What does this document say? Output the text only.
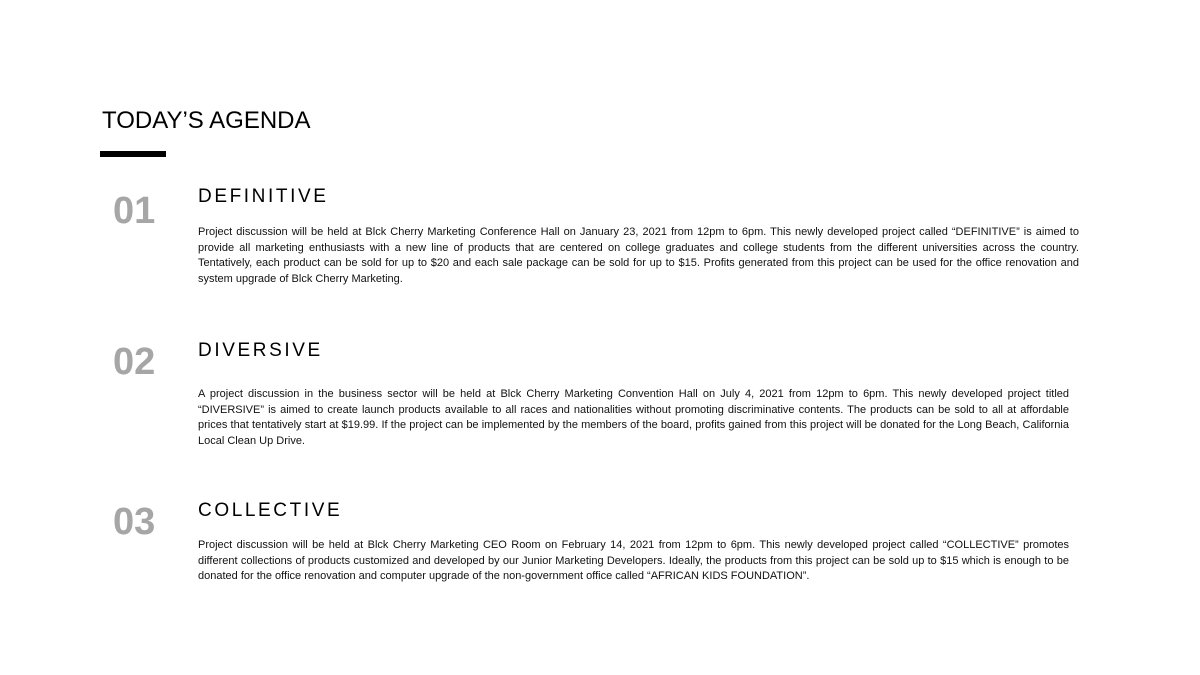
TODAY’S AGENDA
01 DEFINITIVE

Project discussion will be held at Blck Cherry Marketing Conference Hall on January 23, 2021 from 12pm to 6pm. This newly developed project called “DEFINITIVE” is aimed to provide all marketing enthusiasts with a new line of products that are centered on college graduates and college students from the different universities across the country. Tentatively, each product can be sold for up to $20 and each sale package can be sold for up to $15. Profits generated from this project can be used for the office renovation and system upgrade of Blck Cherry Marketing.

02 DIVERSIVE

A project discussion in the business sector will be held at Blck Cherry Marketing Convention Hall on July 4, 2021 from 12pm to 6pm. This newly developed project titled “DIVERSIVE” is aimed to create launch products available to all races and nationalities without promoting discriminative contents. The products can be sold to all at affordable prices that tentatively start at $19.99. If the project can be implemented by the members of the board, profits gained from this project will be donated for the Long Beach, California Local Clean Up Drive.

03 COLLECTIVE

Project discussion will be held at Blck Cherry Marketing CEO Room on February 14, 2021 from 12pm to 6pm. This newly developed project called “COLLECTIVE” promotes different collections of products customized and developed by our Junior Marketing Developers. Ideally, the products from this project can be sold up to $15 which is enough to be donated for the office renovation and computer upgrade of the non-government office called “AFRICAN KIDS FOUNDATION”.
